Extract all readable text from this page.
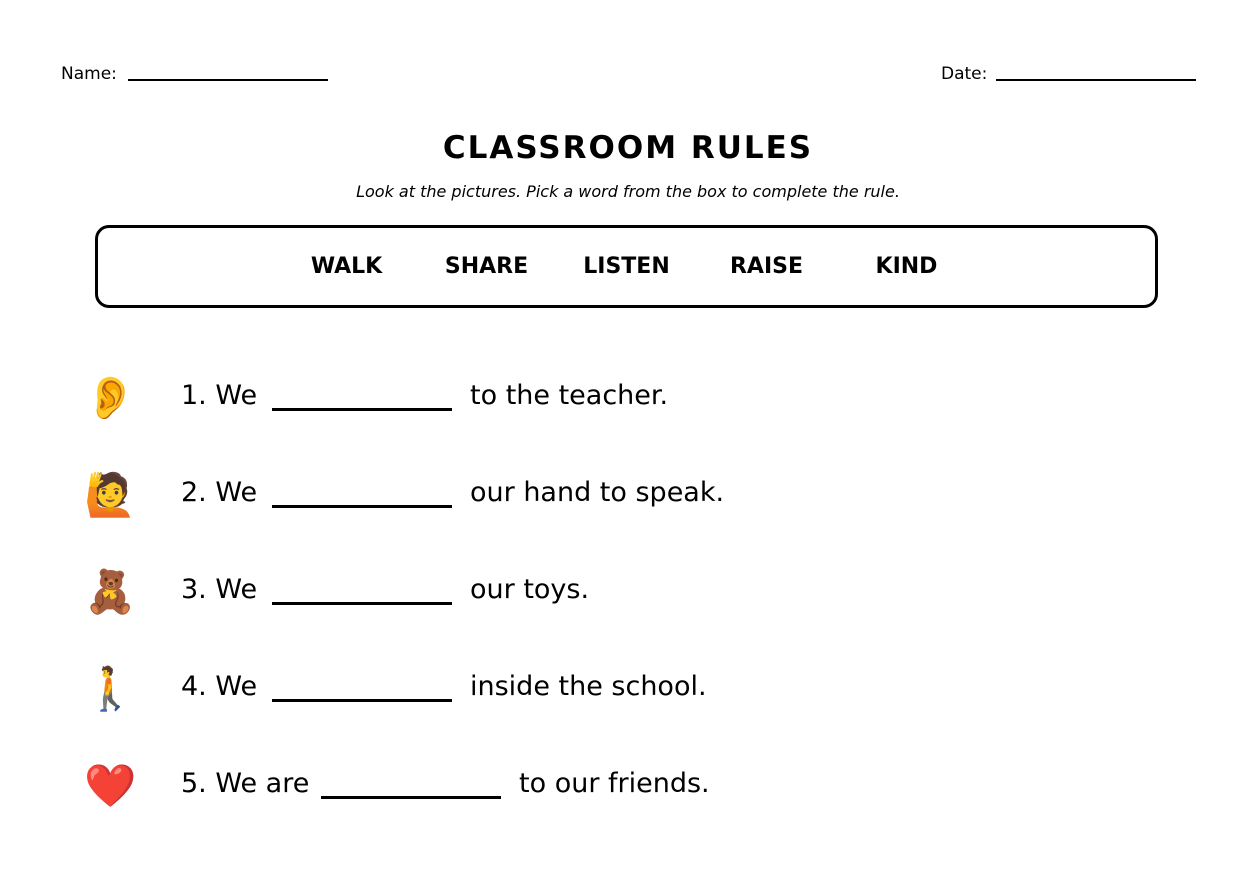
Name:	Date:
CLASSROOM RULES
Look at the pictures. Pick a word from the box to complete the rule.
WALK	SHARE	LISTEN	RAISE	KIND
👂 1. We	to the teacher.
🙋 2. We	our hand to speak.
🧸 3. We	our toys.
🚶 4. We	inside the school.
❤️ 5. We are	to our friends.
